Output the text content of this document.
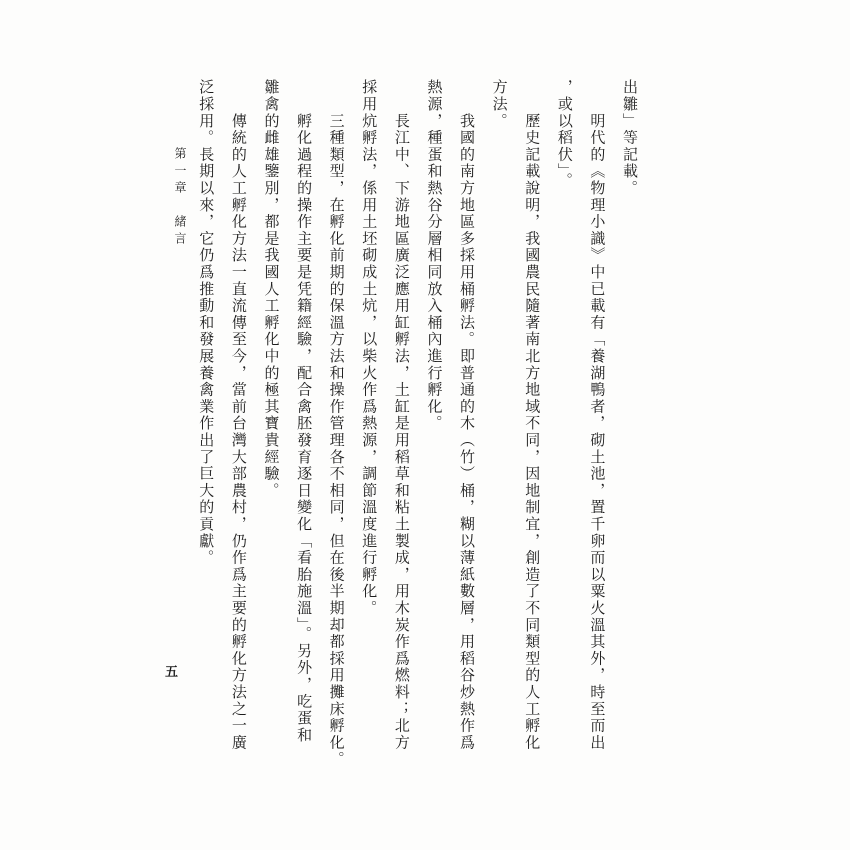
第一章　緒言
出雛」等記載。
　　明代的《物理小識》中已載有「養湖鴨者，砌土池，置千卵而以粟火溫其外，時至而出
，或以稻伏」。
　　歷史記載說明，我國農民隨著南北方地域不同，因地制宜，創造了不同類型的人工孵化
方法。
　　我國的南方地區多採用桶孵法。即普通的木（竹）桶，糊以薄紙數層，用稻谷炒熱作爲
熱源，種蛋和熱谷分層相同放入桶內進行孵化。
　　長江中、下游地區廣泛應用缸孵法，土缸是用稻草和粘土製成，用木炭作爲燃料；北方
採用炕孵法，係用土坯砌成土炕，以柴火作爲熱源，調節溫度進行孵化。
　　三種類型，在孵化前期的保溫方法和操作管理各不相同，但在後半期却都採用攤床孵化。
　　孵化過程的操作主要是凭籍經驗，配合禽胚發育逐日變化「看胎施溫」。另外，吃蛋和
雛禽的雌雄鑒別，都是我國人工孵化中的極其寶貴經驗。
　　傳統的人工孵化方法一直流傳至今，當前台灣大部農村，仍作爲主要的孵化方法之一廣
泛採用。長期以來，它仍爲推動和發展養禽業作出了巨大的貢獻。
五
